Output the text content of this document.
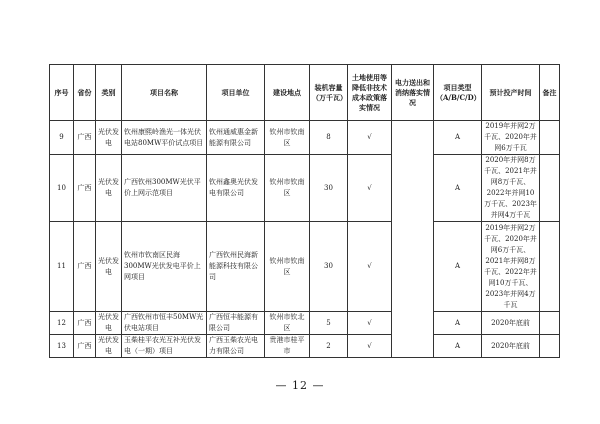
序号	省份	类别	项目名称	项目单位	建设地点	装机容量（万千瓦）	土地使用等降低非技术成本政策落实情况	电力送出和消纳落实情况	项目类型（A/B/C/D）	预计投产时间	备注
9	广西	光伏发电	钦州康熙岭渔光一体光伏电站80MW平价试点项目	钦州通威惠金新能源有限公司	钦州市钦南区	8	√		A	2019年并网2万千瓦、2020年并网6万千瓦	
10	广西	光伏发电	广西钦州300MW光伏平价上网示范项目	钦州鑫奥光伏发电有限公司	钦州市钦南区	30	√		A	2020年并网8万千瓦、2021年并网8万千瓦、2022年并网10万千瓦、2023年并网4万千瓦	
11	广西	光伏发电	钦州市钦南区民海300MW光伏发电平价上网项目	广西钦州民海新能源科技有限公司	钦州市钦南区	30	√		A	2019年并网2万千瓦、2020年并网6万千瓦、2021年并网8万千瓦、2022年并网10万千瓦、2023年并网4万千瓦	
12	广西	光伏发电	广西钦州市恒丰50MW光伏电站项目	广西恒丰能源有限公司	钦州市钦北区	5	√		A	2020年底前	
13	广西	光伏发电	玉柴桂平农光互补光伏发电（一期）项目	广西玉柴农光电力有限公司	贵港市桂平市	2	√		A	2020年底前	
— 12 —
